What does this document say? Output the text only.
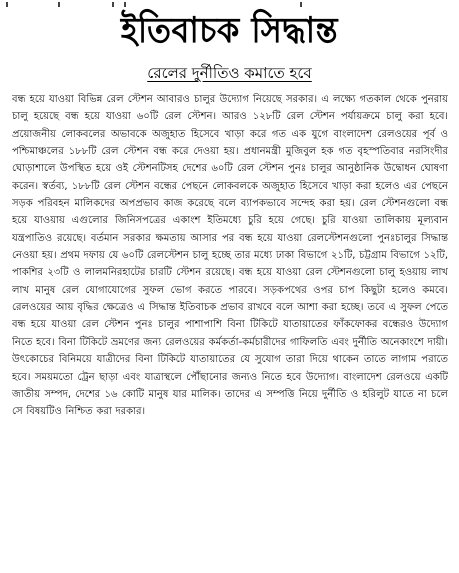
ইতিবাচক সিদ্ধান্ত
রেলের দুর্নীতিও কমাতে হবে

বন্ধ হয়ে যাওয়া বিভিন্ন রেল স্টেশন আবারও চালুর উদ্যোগ নিয়েছে সরকার। এ লক্ষ্যে গতকাল থেকে পুনরায় চালু হয়েছে বন্ধ হয়ে যাওয়া ৬০টি রেল স্টেশন। আরও ১২৮টি রেল স্টেশন পর্যায়ক্রমে চালু করা হবে। প্রয়োজনীয় লোকবলের অভাবকে অজুহাত হিসেবে খাড়া করে গত এক যুগে বাংলাদেশ রেলওয়ের পূর্ব ও পশ্চিমাঞ্চলের ১৮৮টি রেল স্টেশন বন্ধ করে দেওয়া হয়। প্রধানমন্ত্রী মুজিবুল হক গত বৃহস্পতিবার নরসিংদীর ঘোড়াশালে উপস্থিত হয়ে ওই স্টেশনটিসহ দেশের ৬০টি রেল স্টেশন পুনঃ চালুর আনুষ্ঠানিক উদ্বোধন ঘোষণা করেন। স্বর্তব্য, ১৮৮টি রেল স্টেশন বন্ধের পেছনে লোকবলকে অজুহাত হিসেবে খাড়া করা হলেও এর পেছনে সড়ক পরিবহন মালিকদের অপপ্রভাব কাজ করেছে বলে ব্যাপকভাবে সন্দেহ করা হয়। রেল স্টেশনগুলো বন্ধ হয়ে যাওয়ায় এগুলোর জিনিসপত্রের একাংশ ইতিমধ্যে চুরি হয়ে গেছে। চুরি যাওয়া তালিকায় মূল্যবান যন্ত্রপাতিও রয়েছে। বর্তমান সরকার ক্ষমতায় আসার পর বন্ধ হয়ে যাওয়া রেলস্টেশনগুলো পুনঃচালুর সিদ্ধান্ত নেওয়া হয়। প্রথম দফায় যে ৬০টি রেলস্টেশন চালু হচ্ছে তার মধ্যে ঢাকা বিভাগে ২১টি, চট্টগ্রাম বিভাগে ১২টি, পাকশির ২৩টি ও লালমনিরহাটের চারটি স্টেশন রয়েছে। বন্ধ হয়ে যাওয়া রেল স্টেশনগুলো চালু হওয়ায় লাখ লাখ মানুষ রেল যোগাযোগের সুফল ভোগ করতে পারবে। সড়কপথের ওপর চাপ কিছুটা হলেও কমবে। রেলওয়ের আয় বৃদ্ধির ক্ষেত্রেও এ সিদ্ধান্ত ইতিবাচক প্রভাব রাখবে বলে আশা করা হচ্ছে। তবে এ সুফল পেতে বন্ধ হয়ে যাওয়া রেল স্টেশন পুনঃ চালুর পাশাপাশি বিনা টিকিটে যাতায়াতের ফাঁকফোকর বন্ধেরও উদ্যোগ নিতে হবে। বিনা টিকিটে ভ্রমণের জন্য রেলওয়ের কর্মকর্তা-কর্মচারীদের গাফিলতি এবং দুর্নীতি অনেকাংশে দায়ী। উৎকোচের বিনিময়ে যাত্রীদের বিনা টিকিটে যাতায়াতের যে সুযোগ তারা দিয়ে থাকেন তাতে লাগাম পরাতে হবে। সময়মতো ট্রেন ছাড়া এবং যাত্রাস্থলে পৌঁছানোর জন্যও নিতে হবে উদ্যোগ। বাংলাদেশ রেলওয়ে একটি জাতীয় সম্পদ, দেশের ১৬ কোটি মানুষ যার মালিক। তাদের এ সম্পত্তি নিয়ে দুর্নীতি ও হরিলুট যাতে না চলে সে বিষয়টিও নিশ্চিত করা দরকার।
